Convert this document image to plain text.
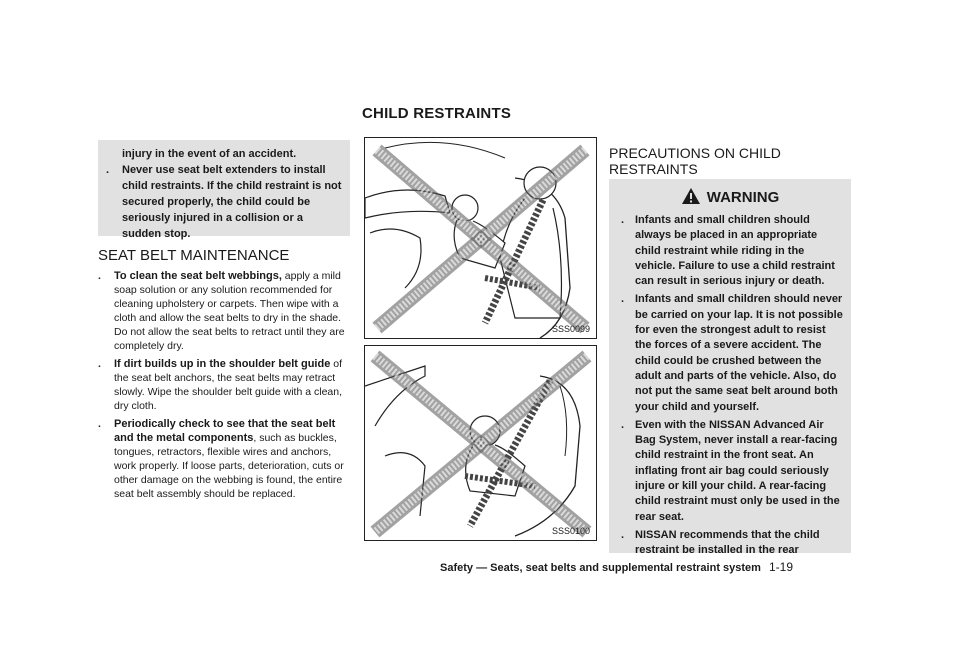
CHILD RESTRAINTS
injury in the event of an accident.
. Never use seat belt extenders to install child restraints. If the child restraint is not secured properly, the child could be seriously injured in a collision or a sudden stop.
SEAT BELT MAINTENANCE
. To clean the seat belt webbings, apply a mild soap solution or any solution recommended for cleaning upholstery or carpets. Then wipe with a cloth and allow the seat belts to dry in the shade. Do not allow the seat belts to retract until they are completely dry.
. If dirt builds up in the shoulder belt guide of the seat belt anchors, the seat belts may retract slowly. Wipe the shoulder belt guide with a clean, dry cloth.
. Periodically check to see that the seat belt and the metal components, such as buckles, tongues, retractors, flexible wires and anchors, work properly. If loose parts, deterioration, cuts or other damage on the webbing is found, the entire seat belt assembly should be replaced.
SSS0099
SSS0100
PRECAUTIONS ON CHILD
RESTRAINTS
WARNING
. Infants and small children should always be placed in an appropriate child restraint while riding in the vehicle. Failure to use a child restraint can result in serious injury or death.
. Infants and small children should never be carried on your lap. It is not possible for even the strongest adult to resist the forces of a severe accident. The child could be crushed between the adult and parts of the vehicle. Also, do not put the same seat belt around both your child and yourself.
. Even with the NISSAN Advanced Air Bag System, never install a rear-facing child restraint in the front seat. An inflating front air bag could seriously injure or kill your child. A rear-facing child restraint must only be used in the rear seat.
. NISSAN recommends that the child restraint be installed in the rear
Safety — Seats, seat belts and supplemental restraint system 1-19
